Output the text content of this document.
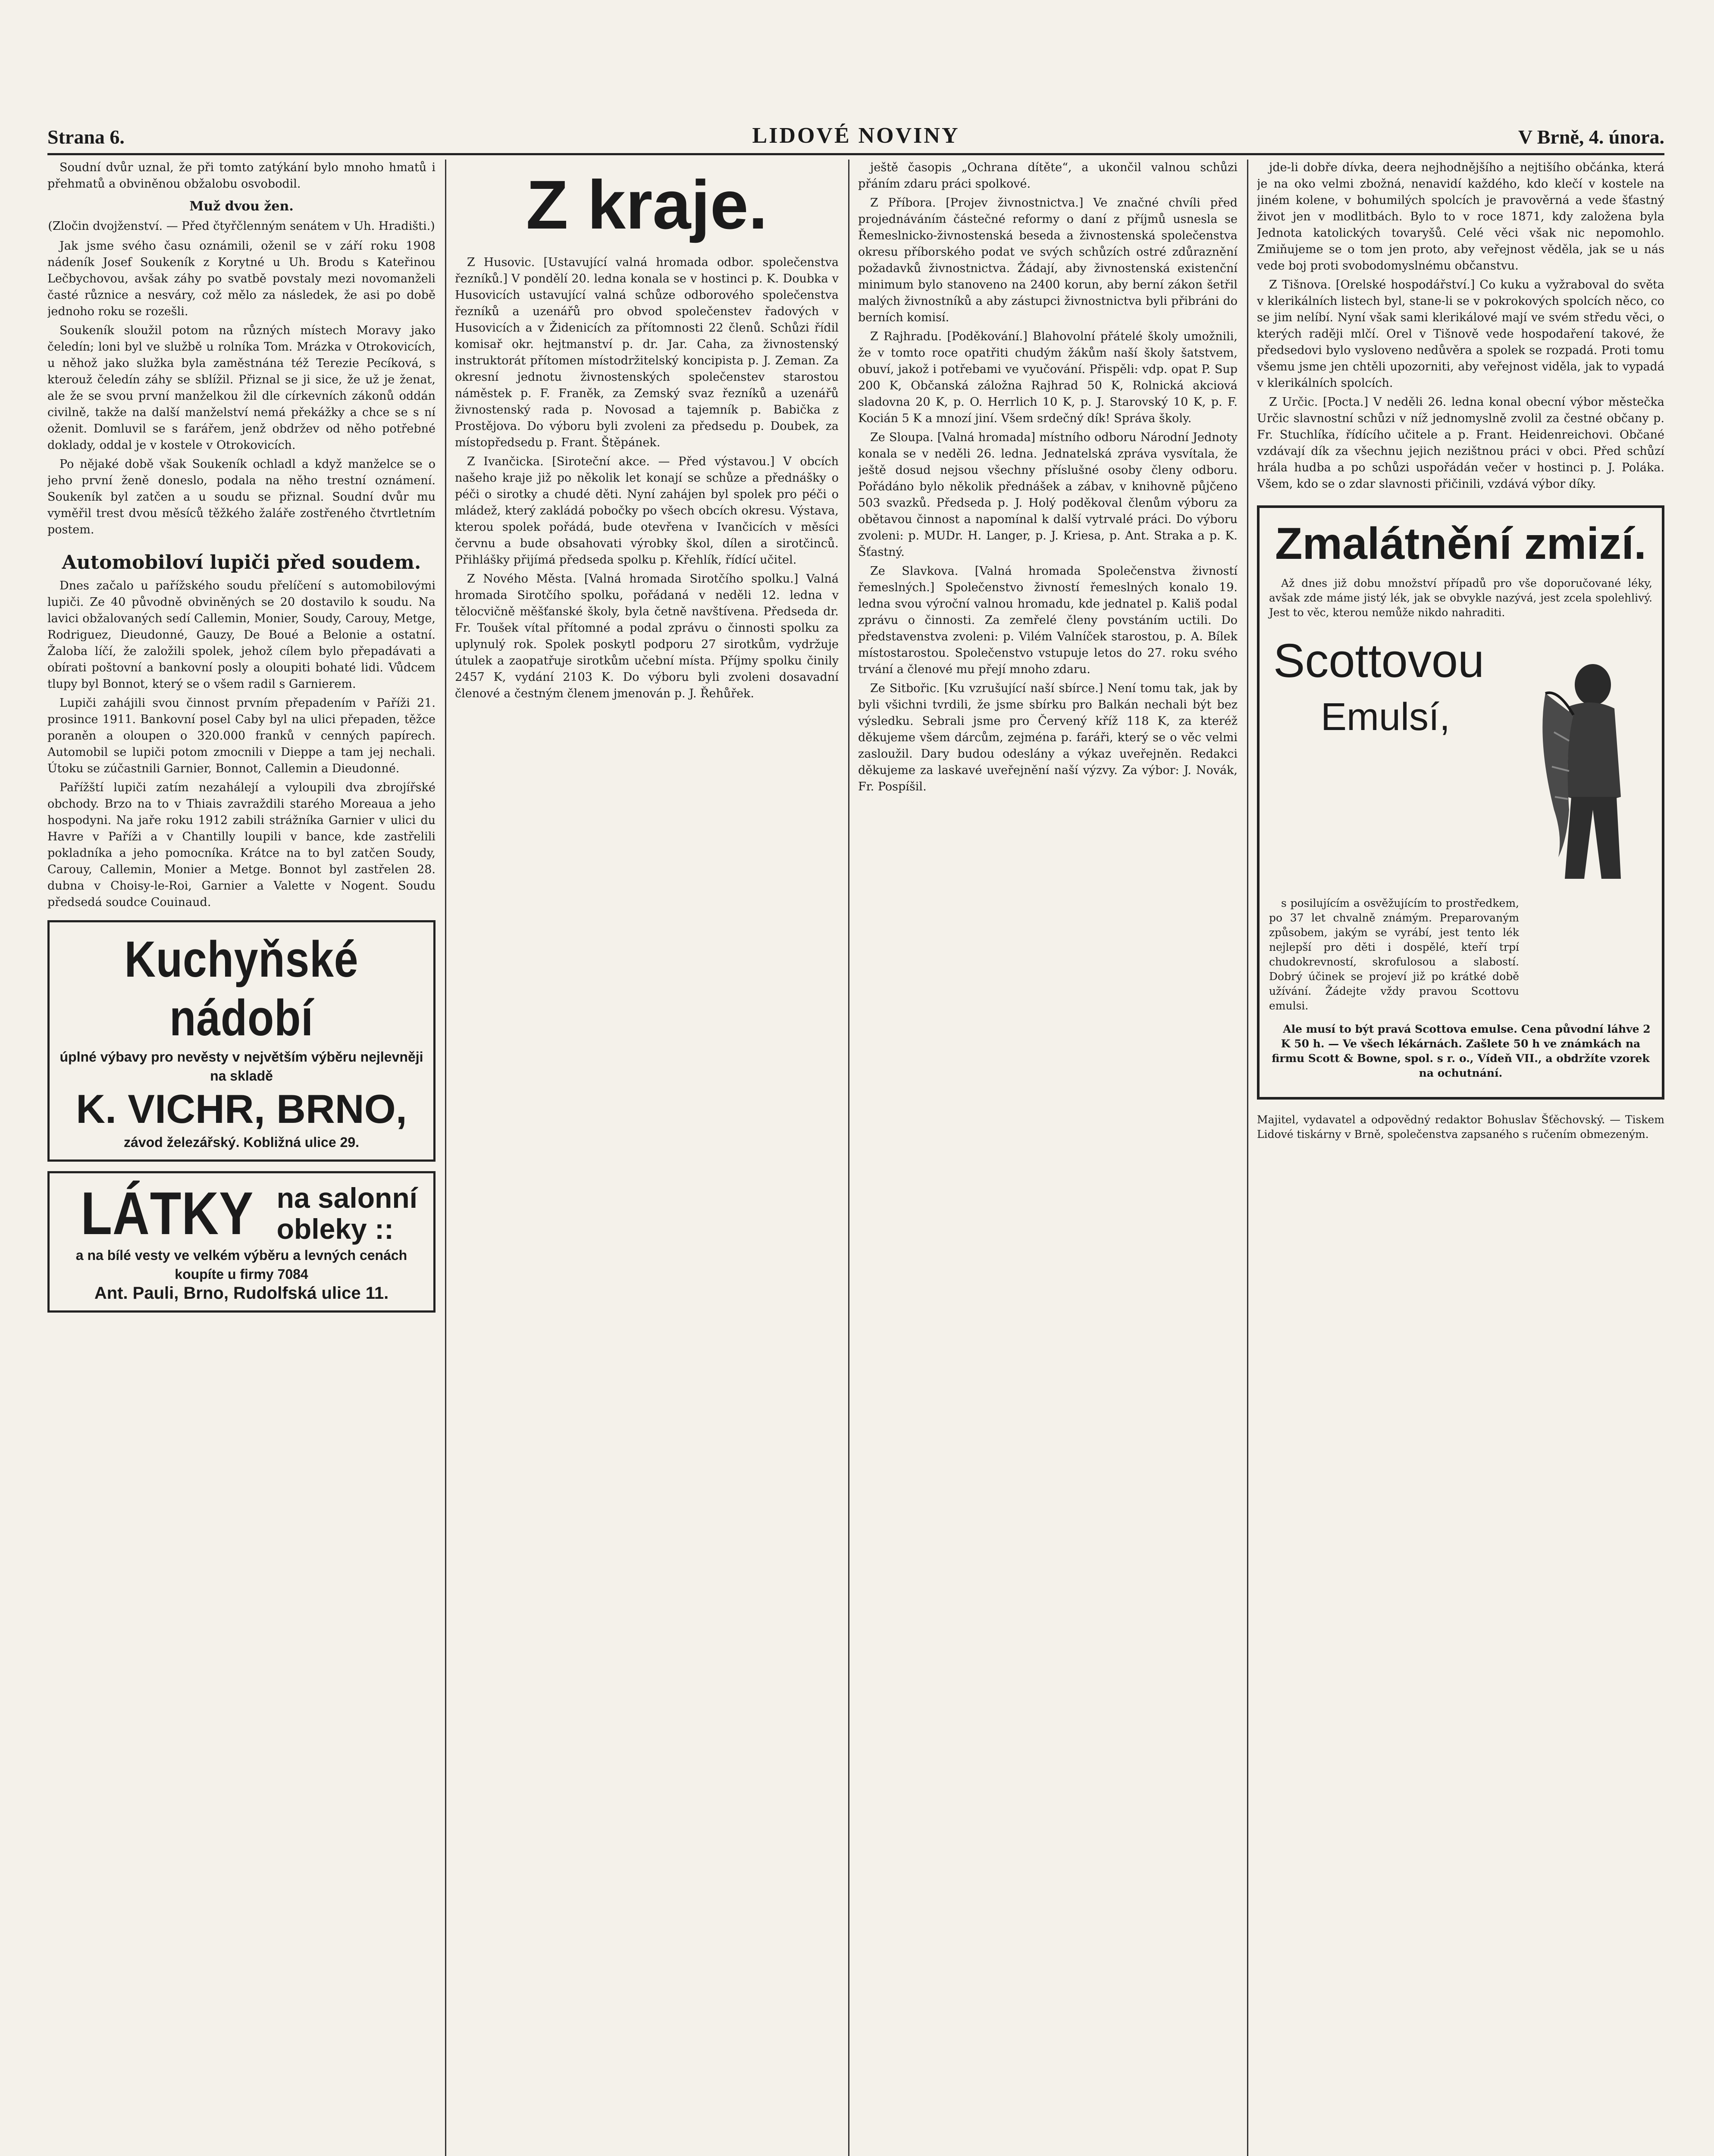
Strana 6.	LIDOVÉ NOVINY	V Brně, 4. února.

Soudní dvůr uznal, že při tomto zatýkání bylo mnoho hmatů i přehmatů a obviněnou obžalobu osvobodil.

Muž dvou žen.

(Zločin dvojženství. — Před čtyřčlenným senátem v Uh. Hradišti.)

Jak jsme svého času oznámili, oženil se v září roku 1908 nádeník Josef Soukeník z Korytné u Uh. Brodu s Kateřinou Lečbychovou, avšak záhy po svatbě povstaly mezi novomanželi časté různice a nesváry, což mělo za následek, že asi po době jednoho roku se rozešli.

Soukeník sloužil potom na různých místech Moravy jako čeledín; loni byl ve službě u rolníka Tom. Mrázka v Otrokovicích, u něhož jako služka byla zaměstnána též Terezie Pecíková, s kterouž čeledín záhy se sblížil. Přiznal se ji sice, že už je ženat, ale že se svou první manželkou žil dle církevních zákonů oddán civilně, takže na další manželství nemá překážky a chce se s ní oženit. Domluvil se s farářem, jenž obdržev od něho potřebné doklady, oddal je v kostele v Otrokovicích.

Po nějaké době však Soukeník ochladl a když manželce se o jeho první ženě doneslo, podala na něho trestní oznámení. Soukeník byl zatčen a u soudu se přiznal. Soudní dvůr mu vyměřil trest dvou měsíců těžkého žaláře zostřeného čtvrtletním postem.

Automobiloví lupiči před soudem.

Dnes začalo u pařížského soudu přelíčení s automobilovými lupiči. Ze 40 původně obviněných se 20 dostavilo k soudu. Na lavici obžalovaných sedí Callemin, Monier, Soudy, Carouy, Metge, Rodriguez, Dieudonné, Gauzy, De Boué a Belonie a ostatní. Žaloba líčí, že založili spolek, jehož cílem bylo přepadávati a obírati poštovní a bankovní posly a oloupiti bohaté lidi. Vůdcem tlupy byl Bonnot, který se o všem radil s Garnierem.

Lupiči zahájili svou činnost prvním přepadením v Paříži 21. prosince 1911. Bankovní posel Caby byl na ulici přepaden, těžce poraněn a oloupen o 320.000 franků v cenných papírech. Automobil se lupiči potom zmocnili v Dieppe a tam jej nechali. Útoku se zúčastnili Garnier, Bonnot, Callemin a Dieudonné.

Pařížští lupiči zatím nezahálejí a vyloupili dva zbrojířské obchody. Brzo na to v Thiais zavraždili starého Moreaua a jeho hospodyni. Na jaře roku 1912 zabili strážníka Garnier v ulici du Havre v Paříži a v Chantilly loupili v bance, kde zastřelili pokladníka a jeho pomocníka. Krátce na to byl zatčen Soudy, Carouy, Callemin, Monier a Metge. Bonnot byl zastřelen 28. dubna v Choisy-le-Roi, Garnier a Valette v Nogent. Soudu předsedá soudce Couinaud.

Kuchyňské nádobí
úplné výbavy pro nevěsty v největším výběru nejlevněji na skladě
K. VICHR, BRNO,
závod železářský. Kobližná ulice 29.
LÁTKY na salonní
obleky ::
a na bílé vesty ve velkém výběru a levných cenách koupíte u firmy 7084
Ant. Pauli, Brno, Rudolfská ulice 11.
Z kraje.

Z Husovic. [Ustavující valná hromada odbor. společenstva řezníků.] V pondělí 20. ledna konala se v hostinci p. K. Doubka v Husovicích ustavující valná schůze odborového společenstva řezníků a uzenářů pro obvod společenstev řadových v Husovicích a v Židenicích za přítomnosti 22 členů. Schůzi řídil komisař okr. hejtmanství p. dr. Jar. Caha, za živnostenský instruktorát přítomen místodržitelský koncipista p. J. Zeman. Za okresní jednotu živnostenských společenstev starostou náměstek p. F. Franěk, za Zemský svaz řezníků a uzenářů živnostenský rada p. Novosad a tajemník p. Babička z Prostějova. Do výboru byli zvoleni za předsedu p. Doubek, za místopředsedu p. Frant. Štěpánek.

Z Ivančicka. [Siroteční akce. — Před výstavou.] V obcích našeho kraje již po několik let konají se schůze a přednášky o péči o sirotky a chudé děti. Nyní zahájen byl spolek pro péči o mládež, který zakládá pobočky po všech obcích okresu. Výstava, kterou spolek pořádá, bude otevřena v Ivančicích v měsíci červnu a bude obsahovati výrobky škol, dílen a sirotčinců. Přihlášky přijímá předseda spolku p. Křehlík, řídící učitel.

Z Nového Města. [Valná hromada Sirotčího spolku.] Valná hromada Sirotčího spolku, pořádaná v neděli 12. ledna v tělocvičně měšťanské školy, byla četně navštívena. Předseda dr. Fr. Toušek vítal přítomné a podal zprávu o činnosti spolku za uplynulý rok. Spolek poskytl podporu 27 sirotkům, vydržuje útulek a zaopatřuje sirotkům učební místa. Příjmy spolku činily 2457 K, vydání 2103 K. Do výboru byli zvoleni dosavadní členové a čestným členem jmenován p. J. Řehůřek.

ještě časopis „Ochrana dítěte“, a ukončil valnou schůzi přáním zdaru práci spolkové.

Z Příbora. [Projev živnostnictva.] Ve značné chvíli před projednáváním částečné reformy o daní z příjmů usnesla se Řemeslnicko-živnostenská beseda a živnostenská společenstva okresu příborského podat ve svých schůzích ostré zdůraznění požadavků živnostnictva. Žádají, aby živnostenská existenční minimum bylo stanoveno na 2400 korun, aby berní zákon šetřil malých živnostníků a aby zástupci živnostnictva byli přibráni do berních komisí.

Z Rajhradu. [Poděkování.] Blahovolní přátelé školy umožnili, že v tomto roce opatřiti chudým žákům naší školy šatstvem, obuví, jakož i potřebami ve vyučování. Přispěli: vdp. opat P. Sup 200 K, Občanská záložna Rajhrad 50 K, Rolnická akciová sladovna 20 K, p. O. Herrlich 10 K, p. J. Starovský 10 K, p. F. Kocián 5 K a mnozí jiní. Všem srdečný dík! Správa školy.

Ze Sloupa. [Valná hromada] místního odboru Národní Jednoty konala se v neděli 26. ledna. Jednatelská zpráva vysvítala, že ještě dosud nejsou všechny příslušné osoby členy odboru. Pořádáno bylo několik přednášek a zábav, v knihovně půjčeno 503 svazků. Předseda p. J. Holý poděkoval členům výboru za obětavou činnost a napomínal k další vytrvalé práci. Do výboru zvoleni: p. MUDr. H. Langer, p. J. Kriesa, p. Ant. Straka a p. K. Šťastný.

Ze Slavkova. [Valná hromada Společenstva živností řemeslných.] Společenstvo živností řemeslných konalo 19. ledna svou výroční valnou hromadu, kde jednatel p. Kališ podal zprávu o činnosti. Za zemřelé členy povstáním uctili. Do představenstva zvoleni: p. Vilém Valníček starostou, p. A. Bílek místostarostou. Společenstvo vstupuje letos do 27. roku svého trvání a členové mu přejí mnoho zdaru.

Ze Sitbořic. [Ku vzrušující naší sbírce.] Není tomu tak, jak by byli všichni tvrdili, že jsme sbírku pro Balkán nechali být bez výsledku. Sebrali jsme pro Červený kříž 118 K, za kteréž děkujeme všem dárcům, zejména p. faráři, který se o věc velmi zasloužil. Dary budou odeslány a výkaz uveřejněn. Redakci děkujeme za laskavé uveřejnění naší výzvy. Za výbor: J. Novák, Fr. Pospíšil.

jde-li dobře dívka, deera nejhodnějšího a nejtišího občánka, která je na oko velmi zbožná, nenavidí každého, kdo klečí v kostele na jiném kolene, v bohumilých spolcích je pravověrná a vede šťastný život jen v modlitbách. Bylo to v roce 1871, kdy založena byla Jednota katolických tovaryšů. Celé věci však nic nepomohlo. Zmiňujeme se o tom jen proto, aby veřejnost věděla, jak se u nás vede boj proti svobodomyslnému občanstvu.

Z Tišnova. [Orelské hospodářství.] Co kuku a vyžraboval do světa v klerikálních listech byl, stane-li se v pokrokových spolcích něco, co se jim nelíbí. Nyní však sami klerikálové mají ve svém středu věci, o kterých raději mlčí. Orel v Tišnově vede hospodaření takové, že předsedovi bylo vysloveno nedůvěra a spolek se rozpadá. Proti tomu všemu jsme jen chtěli upozorniti, aby veřejnost viděla, jak to vypadá v klerikálních spolcích.

Z Určic. [Pocta.] V neděli 26. ledna konal obecní výbor městečka Určic slavnostní schůzi v níž jednomyslně zvolil za čestné občany p. Fr. Stuchlíka, řídícího učitele a p. Frant. Heidenreichovi. Občané vzdávají dík za všechnu jejich nezištnou práci v obci. Před schůzí hrála hudba a po schůzi uspořádán večer v hostinci p. J. Poláka. Všem, kdo se o zdar slavnosti přičinili, vzdává výbor díky.

Zmalátnění zmizí.

Až dnes již dobu množství případů pro vše doporučované léky, avšak zde máme jistý lék, jak se obvykle nazývá, jest zcela spolehlivý. Jest to věc, kterou nemůže nikdo nahraditi.

Scottovou
Emulsí,

s posilujícím a osvěžujícím to prostředkem, po 37 let chvalně známým. Preparovaným způsobem, jakým se vyrábí, jest tento lék nejlepší pro děti i dospělé, kteří trpí chudokrevností, skrofulosou a slabostí. Dobrý účinek se projeví již po krátké době užívání. Žádejte vždy pravou Scottovu emulsi.

Ale musí to být pravá Scottova emulse. Cena původní láhve 2 K 50 h. — Ve všech lékárnách. Zašlete 50 h ve známkách na firmu Scott & Bowne, spol. s r. o., Vídeň VII., a obdržíte vzorek na ochutnání.

Majitel, vydavatel a odpovědný redaktor Bohuslav Šťěchovský. — Tiskem Lidové tiskárny v Brně, společenstva zapsaného s ručením obmezeným.
